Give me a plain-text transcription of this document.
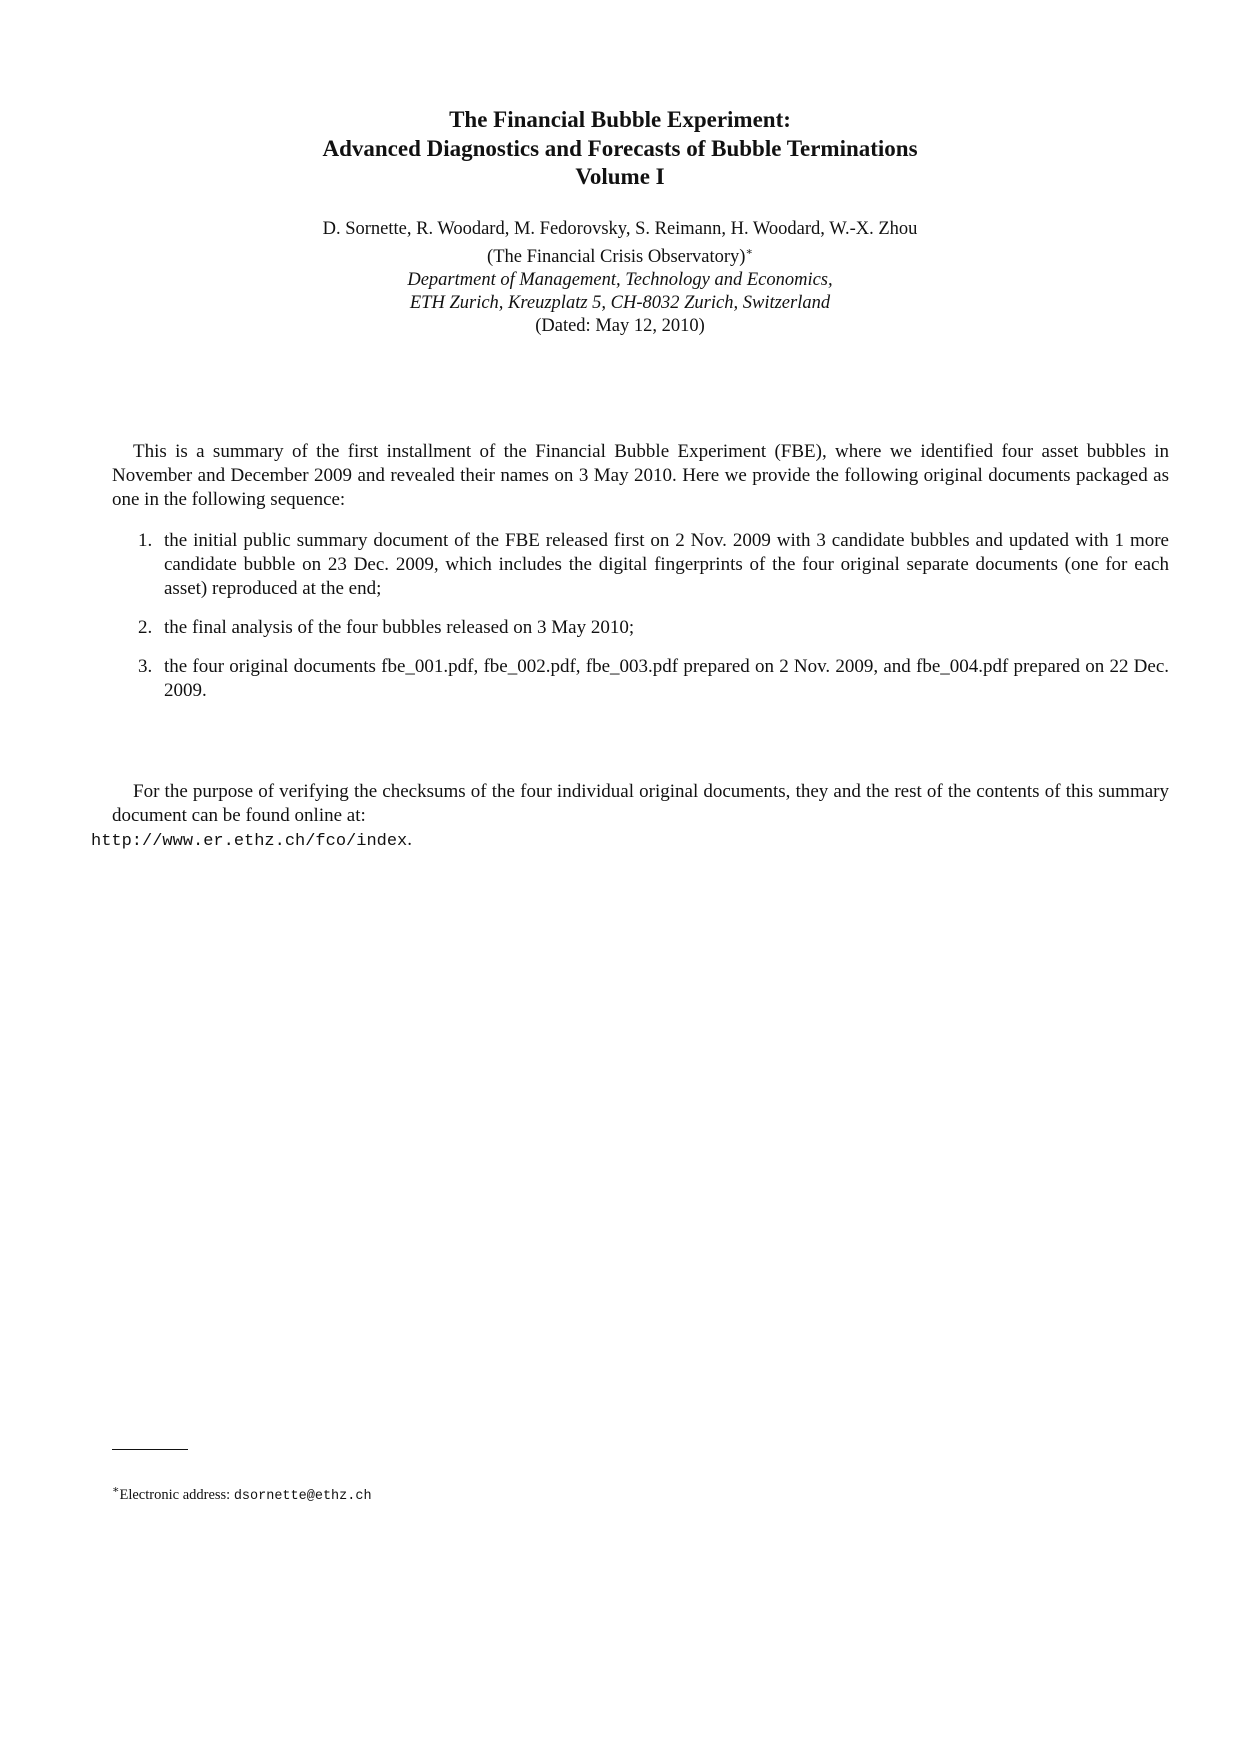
The Financial Bubble Experiment:
Advanced Diagnostics and Forecasts of Bubble Terminations
Volume I
D. Sornette, R. Woodard, M. Fedorovsky, S. Reimann, H. Woodard, W.-X. Zhou
(The Financial Crisis Observatory)∗
Department of Management, Technology and Economics,
ETH Zurich, Kreuzplatz 5, CH-8032 Zurich, Switzerland
(Dated: May 12, 2010)

This is a summary of the first installment of the Financial Bubble Experiment (FBE), where we identified four asset bubbles in November and December 2009 and revealed their names on 3 May 2010. Here we provide the following original documents packaged as one in the following sequence:

1. the initial public summary document of the FBE released first on 2 Nov. 2009 with 3 candidate bubbles and updated with 1 more candidate bubble on 23 Dec. 2009, which includes the digital fingerprints of the four original separate documents (one for each asset) reproduced at the end;
2. the final analysis of the four bubbles released on 3 May 2010;
3. the four original documents fbe_001.pdf, fbe_002.pdf, fbe_003.pdf prepared on 2 Nov. 2009, and fbe_004.pdf prepared on 22 Dec. 2009.
For the purpose of verifying the checksums of the four individual original documents, they and the rest of the contents of this summary document can be found online at:
http://www.er.ethz.ch/fco/index.
∗Electronic address: dsornette@ethz.ch
